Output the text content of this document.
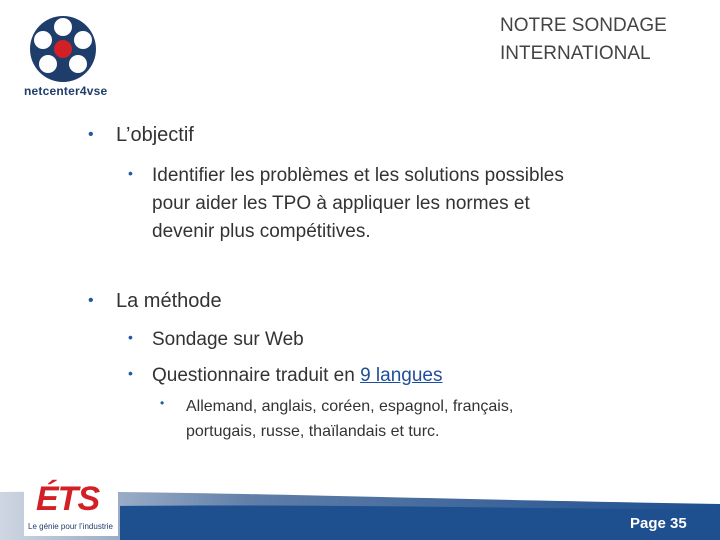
netcenter4vse
NOTRE SONDAGE
INTERNATIONAL
• L’objectif
• Identifier les problèmes et les solutions possibles
pour aider les TPO à appliquer les normes et
devenir plus compétitives.
• La méthode
• Sondage sur Web
• Questionnaire traduit en 9 langues
• Allemand, anglais, coréen, espagnol, français,
portugais, russe, thaïlandais et turc.
ÉTS
Le génie pour l’industrie	Page 35
